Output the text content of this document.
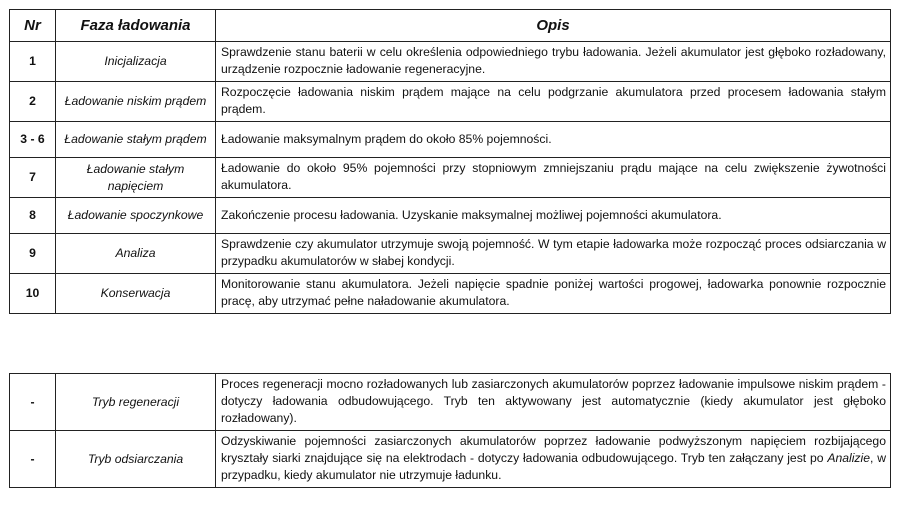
Nr	Faza ładowania	Opis
1	Inicjalizacja	Sprawdzenie stanu baterii w celu określenia odpowiedniego trybu ładowania. Jeżeli akumulator jest głęboko rozładowany, urządzenie rozpocznie ładowanie regeneracyjne.
2	Ładowanie niskim prądem	Rozpoczęcie ładowania niskim prądem mające na celu podgrzanie akumulatora przed procesem ładowania stałym prądem.
3 - 6	Ładowanie stałym prądem	Ładowanie maksymalnym prądem do około 85% pojemności.
7	Ładowanie stałym napięciem	Ładowanie do około 95% pojemności przy stopniowym zmniejszaniu prądu mające na celu zwiększenie żywotności akumulatora.
8	Ładowanie spoczynkowe	Zakończenie procesu ładowania. Uzyskanie maksymalnej możliwej pojemności akumulatora.
9	Analiza	Sprawdzenie czy akumulator utrzymuje swoją pojemność. W tym etapie ładowarka może rozpocząć proces odsiarczania w przypadku akumulatorów w słabej kondycji.
10	Konserwacja	Monitorowanie stanu akumulatora. Jeżeli napięcie spadnie poniżej wartości progowej, ładowarka ponownie rozpocznie pracę, aby utrzymać pełne naładowanie akumulatora.
-	Tryb regeneracji	Proces regeneracji mocno rozładowanych lub zasiarczonych akumulatorów poprzez ładowanie impulsowe niskim prądem - dotyczy ładowania odbudowującego. Tryb ten aktywowany jest automatycznie (kiedy akumulator jest głęboko rozładowany).
-	Tryb odsiarczania	Odzyskiwanie pojemności zasiarczonych akumulatorów poprzez ładowanie podwyższonym napięciem rozbijającego kryształy siarki znajdujące się na elektrodach - dotyczy ładowania odbudowującego. Tryb ten załączany jest po Analizie, w przypadku, kiedy akumulator nie utrzymuje ładunku.
